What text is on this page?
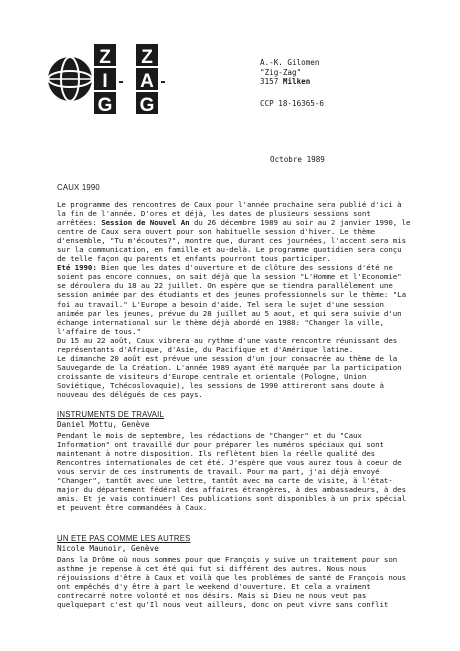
Z
I
Z
A
G G
- -
A.-K. Gilomen
"Zig-Zag"
3157 Milken
CCP 18-16365-6
Octobre 1989
CAUX 1990

Le programme des rencontres de Caux pour l'année prochaine sera publié d'ici à la fin de l'année. D'ores et déjà, les dates de plusieurs sessions sont arrêtées: Session de Nouvel An du 26 décembre 1989 au soir au 2 janvier 1990, le centre de Caux sera ouvert pour son habituelle session d'hiver. Le thème d'ensemble, "Tu m'écoutes?", montre que, durant ces journées, l'accent sera mis sur la communication, en famille et au-delà. Le programme quotidien sera conçu de telle façon qu parents et enfants pourront tous participer.

Eté 1990: Bien que les dates d'ouverture et de clôture des sessions d'été ne soient pas encore connues, on sait déjà que la session "L'Homme et l'Economie" se déroulera du 18 au 22 juillet. On espère que se tiendra parallèlement une session animée par des étudiants et des jeunes professionnels sur le thème: "La foi au travail." L'Europe a besoin d'aide. Tel sera le sujet d'une session animée par les jeunes, prévue du 28 juillet au 5 aout, et qui sera suivie d'un échange international sur le thème déjà abordé en 1988: "Changer la ville, l'affaire de tous."

Du 15 au 22 août, Caux vibrera au rythme d'une vaste rencontre réunissant des représentants d'Afrique, d'Asie, du Pacifique et d'Amérique latine.

Le dimanche 20 août est prévue une session d'un jour consacrée au thème de la Sauvegarde de la Création. L'année 1989 ayant été marquée par la participation croissante de visiteurs d'Europe centrale et orientale (Pologne, Union Soviétique, Tchécoslovaquie), les sessions de 1990 attireront sans doute à nouveau des délégués de ces pays.

INSTRUMENTS DE TRAVAIL
Daniel Mottu, Genève

Pendant le mois de septembre, les rédactions de "Changer" et du "Caux Information" ont travaillé dur pour préparer les numéros spéciaux qui sont maintenant à notre disposition. Ils reflètent bien la réelle qualité des Rencontres internationales de cet été. J'espère que vous aurez tous à coeur de vous servir de ces instruments de travail. Pour ma part, j'ai déjà envoyé "Changer", tantôt avec une lettre, tantôt avec ma carte de visite, à l'état-major du département fédéral des affaires étrangères, à des ambassadeurs, à des amis. Et je vais continuer! Ces publications sont disponibles à un prix spécial et peuvent être commandées à Caux.

UN ETE PAS COMME LES AUTRES
Nicole Maunoir, Genève

Dans la Drôme où nous sommes pour que François y suive un traitement pour son asthme je repense à cet été qui fut si différent des autres. Nous nous réjouissions d'être à Caux et voilà que les problèmes de santé de François nous ont empêchés d'y être à part le weekend d'ouverture. Et cela a vraiment contrecarré notre volonté et nos désirs. Mais si Dieu ne nous veut pas quelquepart c'est qu'Il nous veut ailleurs, donc on peut vivre sans conflit
